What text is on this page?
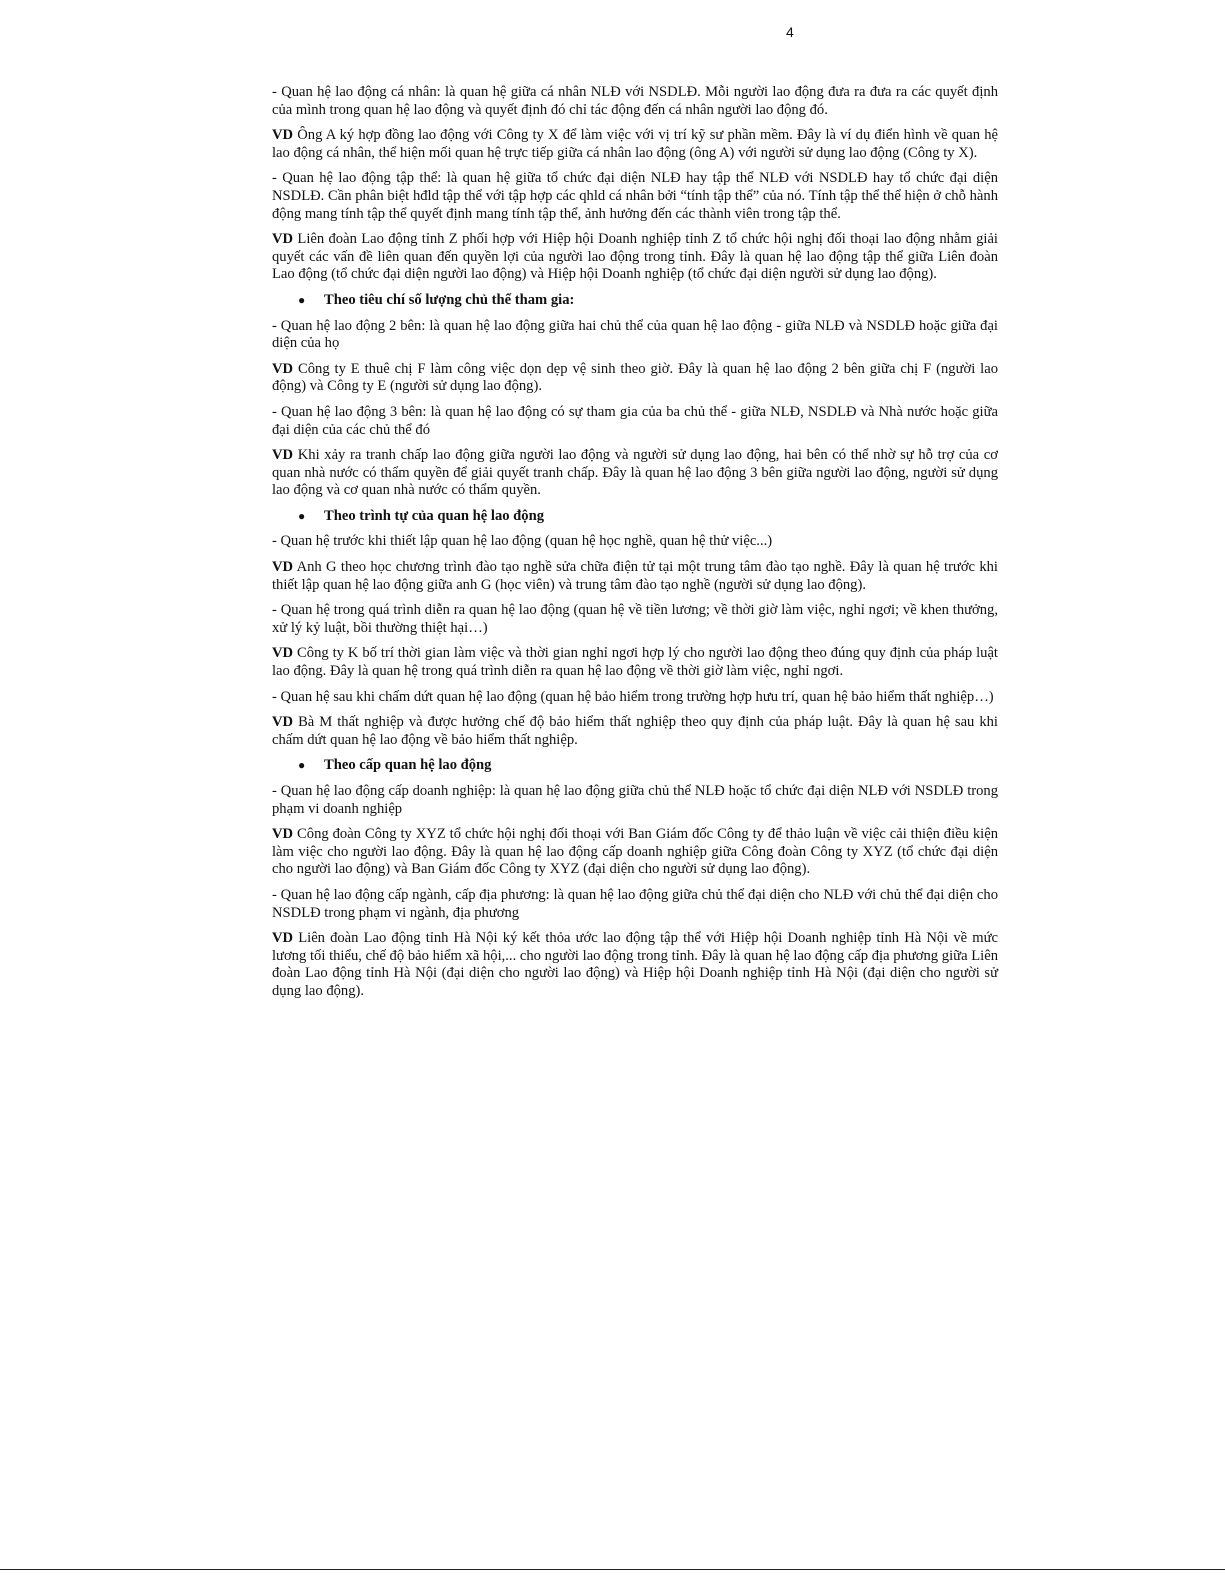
4

- Quan hệ lao động cá nhân: là quan hệ giữa cá nhân NLĐ với NSDLĐ. Mỗi người lao động đưa ra đưa ra các quyết định của mình trong quan hệ lao động và quyết định đó chỉ tác động đến cá nhân người lao động đó.

VD Ông A ký hợp đồng lao động với Công ty X để làm việc với vị trí kỹ sư phần mềm. Đây là ví dụ điển hình về quan hệ lao động cá nhân, thể hiện mối quan hệ trực tiếp giữa cá nhân lao động (ông A) với người sử dụng lao động (Công ty X).

- Quan hệ lao động tập thể: là quan hệ giữa tổ chức đại diện NLĐ hay tập thể NLĐ với NSDLĐ hay tổ chức đại diện NSDLĐ. Cần phân biệt hđld tập thể với tập hợp các qhld cá nhân bởi “tính tập thể” của nó. Tính tập thể thể hiện ở chỗ hành động mang tính tập thể quyết định mang tính tập thể, ảnh hưởng đến các thành viên trong tập thể.

VD Liên đoàn Lao động tỉnh Z phối hợp với Hiệp hội Doanh nghiệp tỉnh Z tổ chức hội nghị đối thoại lao động nhằm giải quyết các vấn đề liên quan đến quyền lợi của người lao động trong tỉnh. Đây là quan hệ lao động tập thể giữa Liên đoàn Lao động (tổ chức đại diện người lao động) và Hiệp hội Doanh nghiệp (tổ chức đại diện người sử dụng lao động).

●	Theo tiêu chí số lượng chủ thể tham gia:

- Quan hệ lao động 2 bên: là quan hệ lao động giữa hai chủ thể của quan hệ lao động - giữa NLĐ và NSDLĐ hoặc giữa đại diện của họ

VD Công ty E thuê chị F làm công việc dọn dẹp vệ sinh theo giờ. Đây là quan hệ lao động 2 bên giữa chị F (người lao động) và Công ty E (người sử dụng lao động).

- Quan hệ lao động 3 bên: là quan hệ lao động có sự tham gia của ba chủ thể - giữa NLĐ, NSDLĐ và Nhà nước hoặc giữa đại diện của các chủ thể đó

VD Khi xảy ra tranh chấp lao động giữa người lao động và người sử dụng lao động, hai bên có thể nhờ sự hỗ trợ của cơ quan nhà nước có thẩm quyền để giải quyết tranh chấp. Đây là quan hệ lao động 3 bên giữa người lao động, người sử dụng lao động và cơ quan nhà nước có thẩm quyền.

●	Theo trình tự của quan hệ lao động

- Quan hệ trước khi thiết lập quan hệ lao động (quan hệ học nghề, quan hệ thử việc...)

VD Anh G theo học chương trình đào tạo nghề sửa chữa điện tử tại một trung tâm đào tạo nghề. Đây là quan hệ trước khi thiết lập quan hệ lao động giữa anh G (học viên) và trung tâm đào tạo nghề (người sử dụng lao động).

- Quan hệ trong quá trình diễn ra quan hệ lao động (quan hệ về tiền lương; về thời giờ làm việc, nghỉ ngơi; về khen thưởng, xử lý kỷ luật, bồi thường thiệt hại…)

VD Công ty K bố trí thời gian làm việc và thời gian nghỉ ngơi hợp lý cho người lao động theo đúng quy định của pháp luật lao động. Đây là quan hệ trong quá trình diễn ra quan hệ lao động về thời giờ làm việc, nghỉ ngơi.

- Quan hệ sau khi chấm dứt quan hệ lao động (quan hệ bảo hiểm trong trường hợp hưu trí, quan hệ bảo hiểm thất nghiệp…)

VD Bà M thất nghiệp và được hưởng chế độ bảo hiểm thất nghiệp theo quy định của pháp luật. Đây là quan hệ sau khi chấm dứt quan hệ lao động về bảo hiểm thất nghiệp.

●	Theo cấp quan hệ lao động

- Quan hệ lao động cấp doanh nghiệp: là quan hệ lao động giữa chủ thể NLĐ hoặc tổ chức đại diện NLĐ với NSDLĐ trong phạm vi doanh nghiệp

VD Công đoàn Công ty XYZ tổ chức hội nghị đối thoại với Ban Giám đốc Công ty để thảo luận về việc cải thiện điều kiện làm việc cho người lao động. Đây là quan hệ lao động cấp doanh nghiệp giữa Công đoàn Công ty XYZ (tổ chức đại diện cho người lao động) và Ban Giám đốc Công ty XYZ (đại diện cho người sử dụng lao động).

- Quan hệ lao động cấp ngành, cấp địa phương: là quan hệ lao động giữa chủ thể đại diện cho NLĐ với chủ thể đại diện cho NSDLĐ trong phạm vi ngành, địa phương

VD Liên đoàn Lao động tỉnh Hà Nội ký kết thỏa ước lao động tập thể với Hiệp hội Doanh nghiệp tỉnh Hà Nội về mức lương tối thiểu, chế độ bảo hiểm xã hội,... cho người lao động trong tỉnh. Đây là quan hệ lao động cấp địa phương giữa Liên đoàn Lao động tỉnh Hà Nội (đại diện cho người lao động) và Hiệp hội Doanh nghiệp tỉnh Hà Nội (đại diện cho người sử dụng lao động).
